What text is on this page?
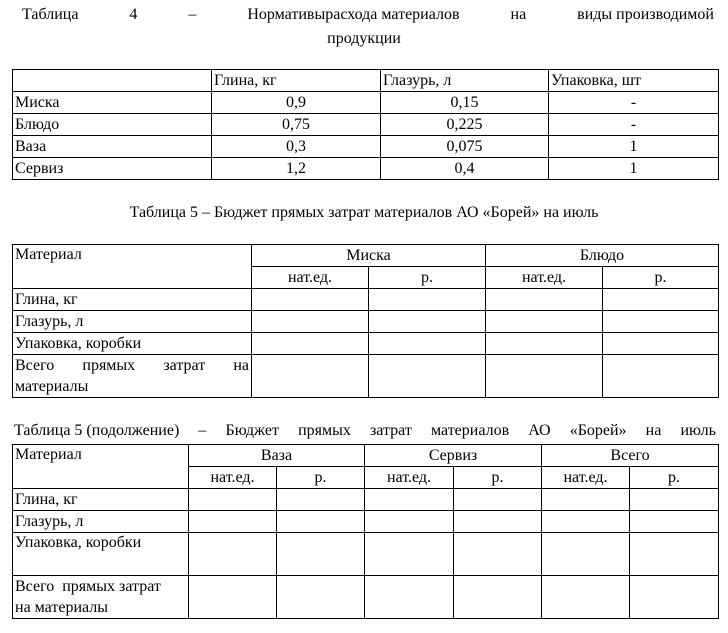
Таблица	4	–	Нормативырасхода материалов	на	виды производимой
продукции
	Глина, кг	Глазурь, л	Упаковка, шт
Миска	0,9	0,15	-
Блюдо	0,75	0,225	-
Ваза	0,3	0,075	1
Сервиз	1,2	0,4	1
Таблица 5 – Бюджет прямых затрат материалов АО «Борей» на июль
Материал	Миска		Блюдо	
	нат.ед.	р.	нат.ед.	р.
Глина, кг				
Глазурь, л				
Упаковка, коробки				

Всего прямых затрат на
материалы				

Таблица 5 (подолжение) – Бюджет прямых затрат материалов АО «Борей» на июль
Материал	Ваза		Сервиз		Всего	
	нат.ед.	р.	нат.ед.	р.	нат.ед.	р.
Глина, кг						
Глазурь, л						
Упаковка, коробки						

Всего  прямых затрат
на материалы						
